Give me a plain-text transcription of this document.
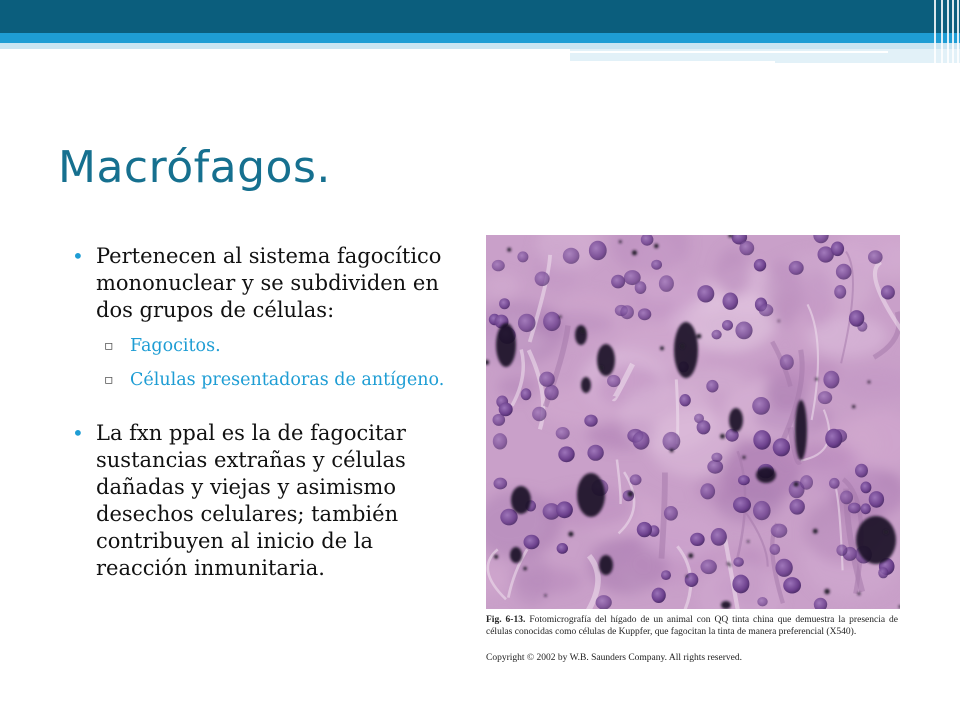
Macrófagos.
• Pertenecen al sistema fagocítico mononuclear y se subdividen en dos grupos de células:
▫ Fagocitos.
▫ Células presentadoras de antígeno.
• La fxn ppal es la de fagocitar sustancias extrañas y células dañadas y viejas y asimismo desechos celulares; también contribuyen al inicio de la reacción inmunitaria.
Fig. 6-13. Fotomicrografía del hígado de un animal con QQ tinta china que demuestra la presencia de células conocidas como células de Kuppfer, que fagocitan la tinta de manera preferencial (X540).
Copyright © 2002 by W.B. Saunders Company. All rights reserved.
